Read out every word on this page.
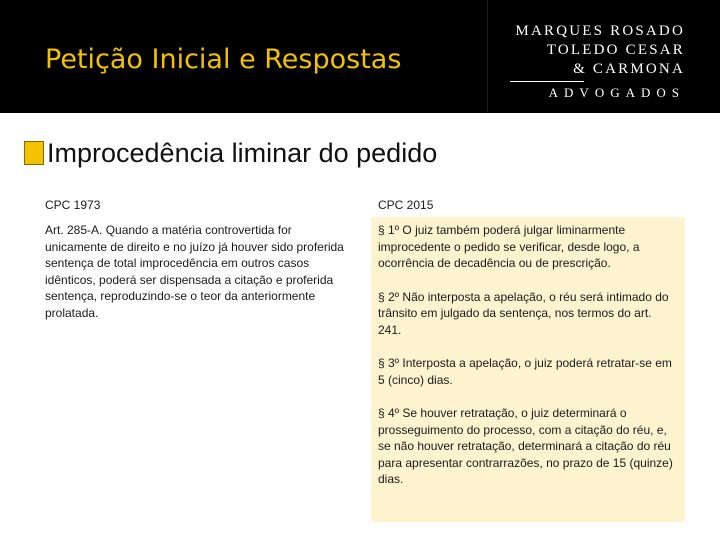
Petição Inicial e Respostas
MARQUES ROSADO
TOLEDO CESAR
& CARMONA
ADVOGADOS
Improcedência liminar do pedido
CPC 1973	CPC 2015
Art. 285-A. Quando a matéria controvertida for unicamente de direito e no juízo já houver sido proferida sentença de total improcedência em outros casos idênticos, poderá ser dispensada a citação e proferida sentença, reproduzindo-se o teor da anteriormente prolatada.

§ 1º O juiz também poderá julgar liminarmente improcedente o pedido se verificar, desde logo, a ocorrência de decadência ou de prescrição.

§ 2º Não interposta a apelação, o réu será intimado do trânsito em julgado da sentença, nos termos do art. 241.

§ 3º Interposta a apelação, o juiz poderá retratar-se em 5 (cinco) dias.

§ 4º Se houver retratação, o juiz determinará o prosseguimento do processo, com a citação do réu, e, se não houver retratação, determinará a citação do réu para apresentar contrarrazões, no prazo de 15 (quinze) dias.
